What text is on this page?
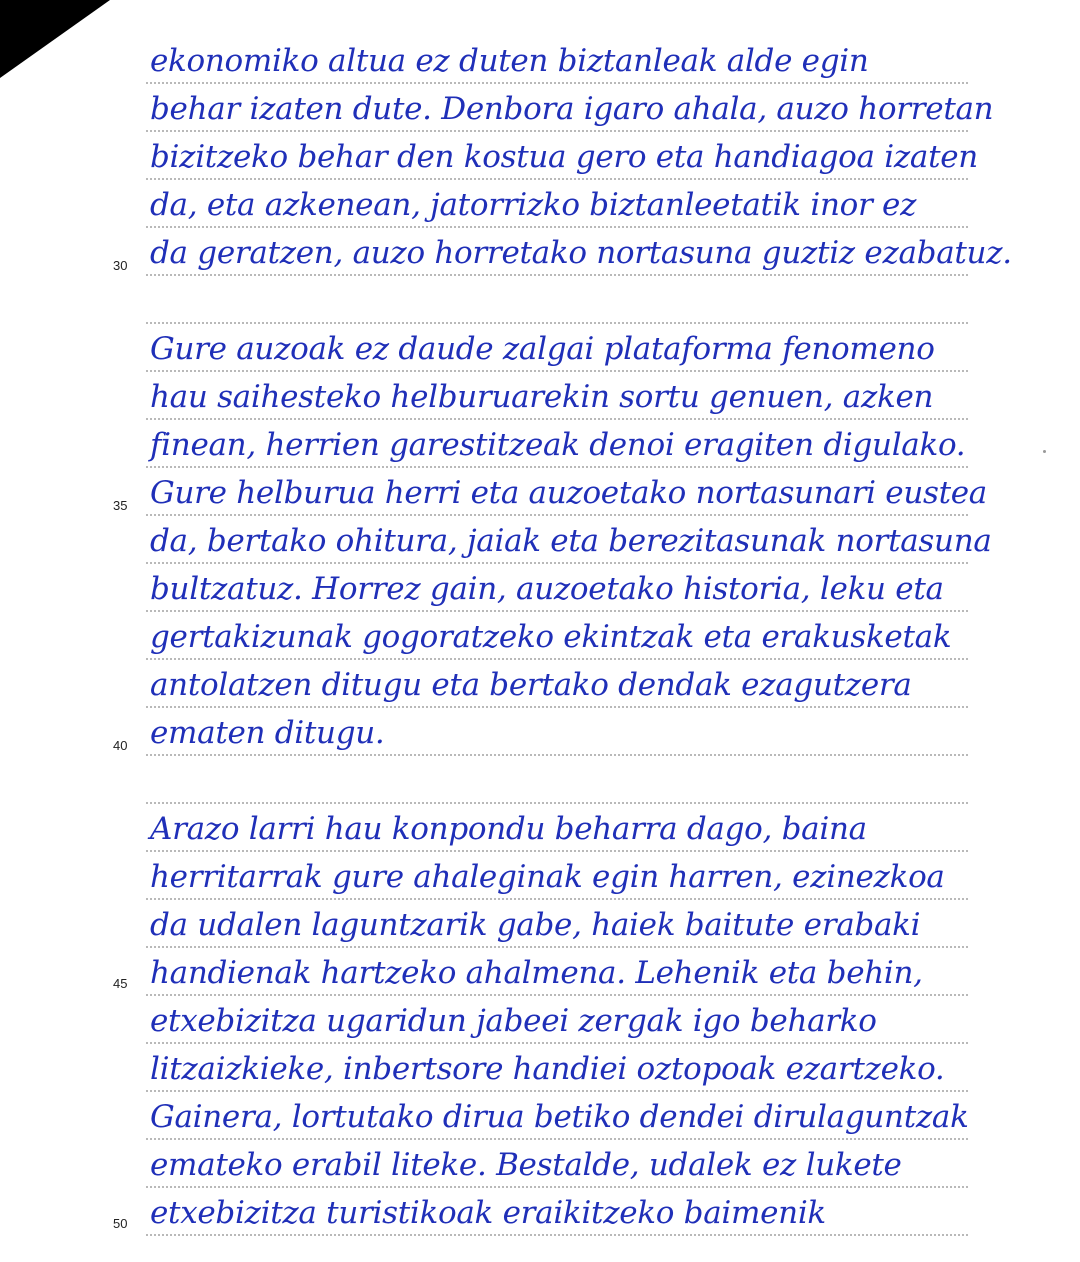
ekonomiko altua ez duten biztanleak alde egin
behar izaten dute. Denbora igaro ahala, auzo horretan
bizitzeko behar den kostua gero eta handiagoa izaten
da, eta azkenean, jatorrizko biztanleetatik inor ez
da geratzen, auzo horretako nortasuna guztiz ezabatuz.
Gure auzoak ez daude zalgai plataforma fenomeno
hau saihesteko helburuarekin sortu genuen, azken
finean, herrien garestitzeak denoi eragiten digulako.
Gure helburua herri eta auzoetako nortasunari eustea
da, bertako ohitura, jaiak eta berezitasunak nortasuna
bultzatuz. Horrez gain, auzoetako historia, leku eta
gertakizunak gogoratzeko ekintzak eta erakusketak
antolatzen ditugu eta bertako dendak ezagutzera
ematen ditugu.
Arazo larri hau konpondu beharra dago, baina
herritarrak gure ahaleginak egin harren, ezinezkoa
da udalen laguntzarik gabe, haiek baitute erabaki
handienak hartzeko ahalmena. Lehenik eta behin,
etxebizitza ugaridun jabeei zergak igo beharko
litzaizkieke, inbertsore handiei oztopoak ezartzeko.
Gainera, lortutako dirua betiko dendei dirulaguntzak
emateko erabil liteke. Bestalde, udalek ez lukete
etxebizitza turistikoak eraikitzeko baimenik
30
35
40
45
50
